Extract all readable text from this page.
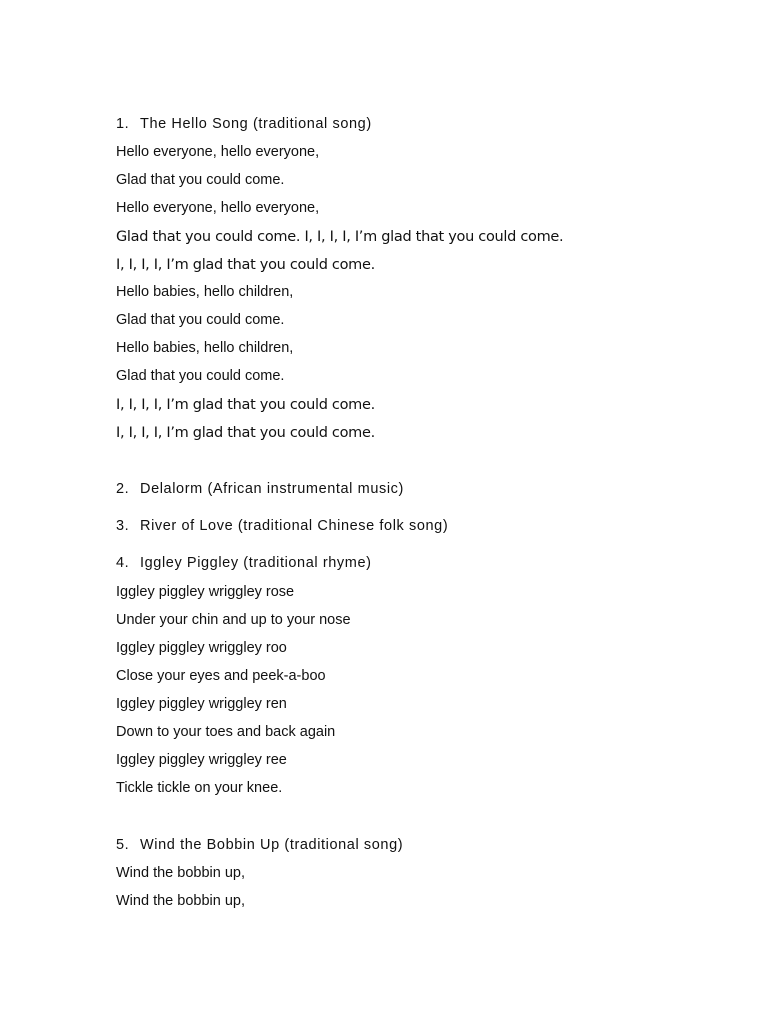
1. The Hello Song (traditional song)
Hello everyone, hello everyone,
Glad that you could come.
Hello everyone, hello everyone,
Glad that you could come. I, I, I, I, I’m glad that you could come.
I, I, I, I, I’m glad that you could come.
Hello babies, hello children,
Glad that you could come.
Hello babies, hello children,
Glad that you could come.
I, I, I, I, I’m glad that you could come.
I, I, I, I, I’m glad that you could come.
2. Delalorm (African instrumental music)
3. River of Love (traditional Chinese folk song)
4. Iggley Piggley (traditional rhyme)
Iggley piggley wriggley rose
Under your chin and up to your nose
Iggley piggley wriggley roo
Close your eyes and peek-a-boo
Iggley piggley wriggley ren
Down to your toes and back again
Iggley piggley wriggley ree
Tickle tickle on your knee.
5. Wind the Bobbin Up (traditional song)
Wind the bobbin up,
Wind the bobbin up,
